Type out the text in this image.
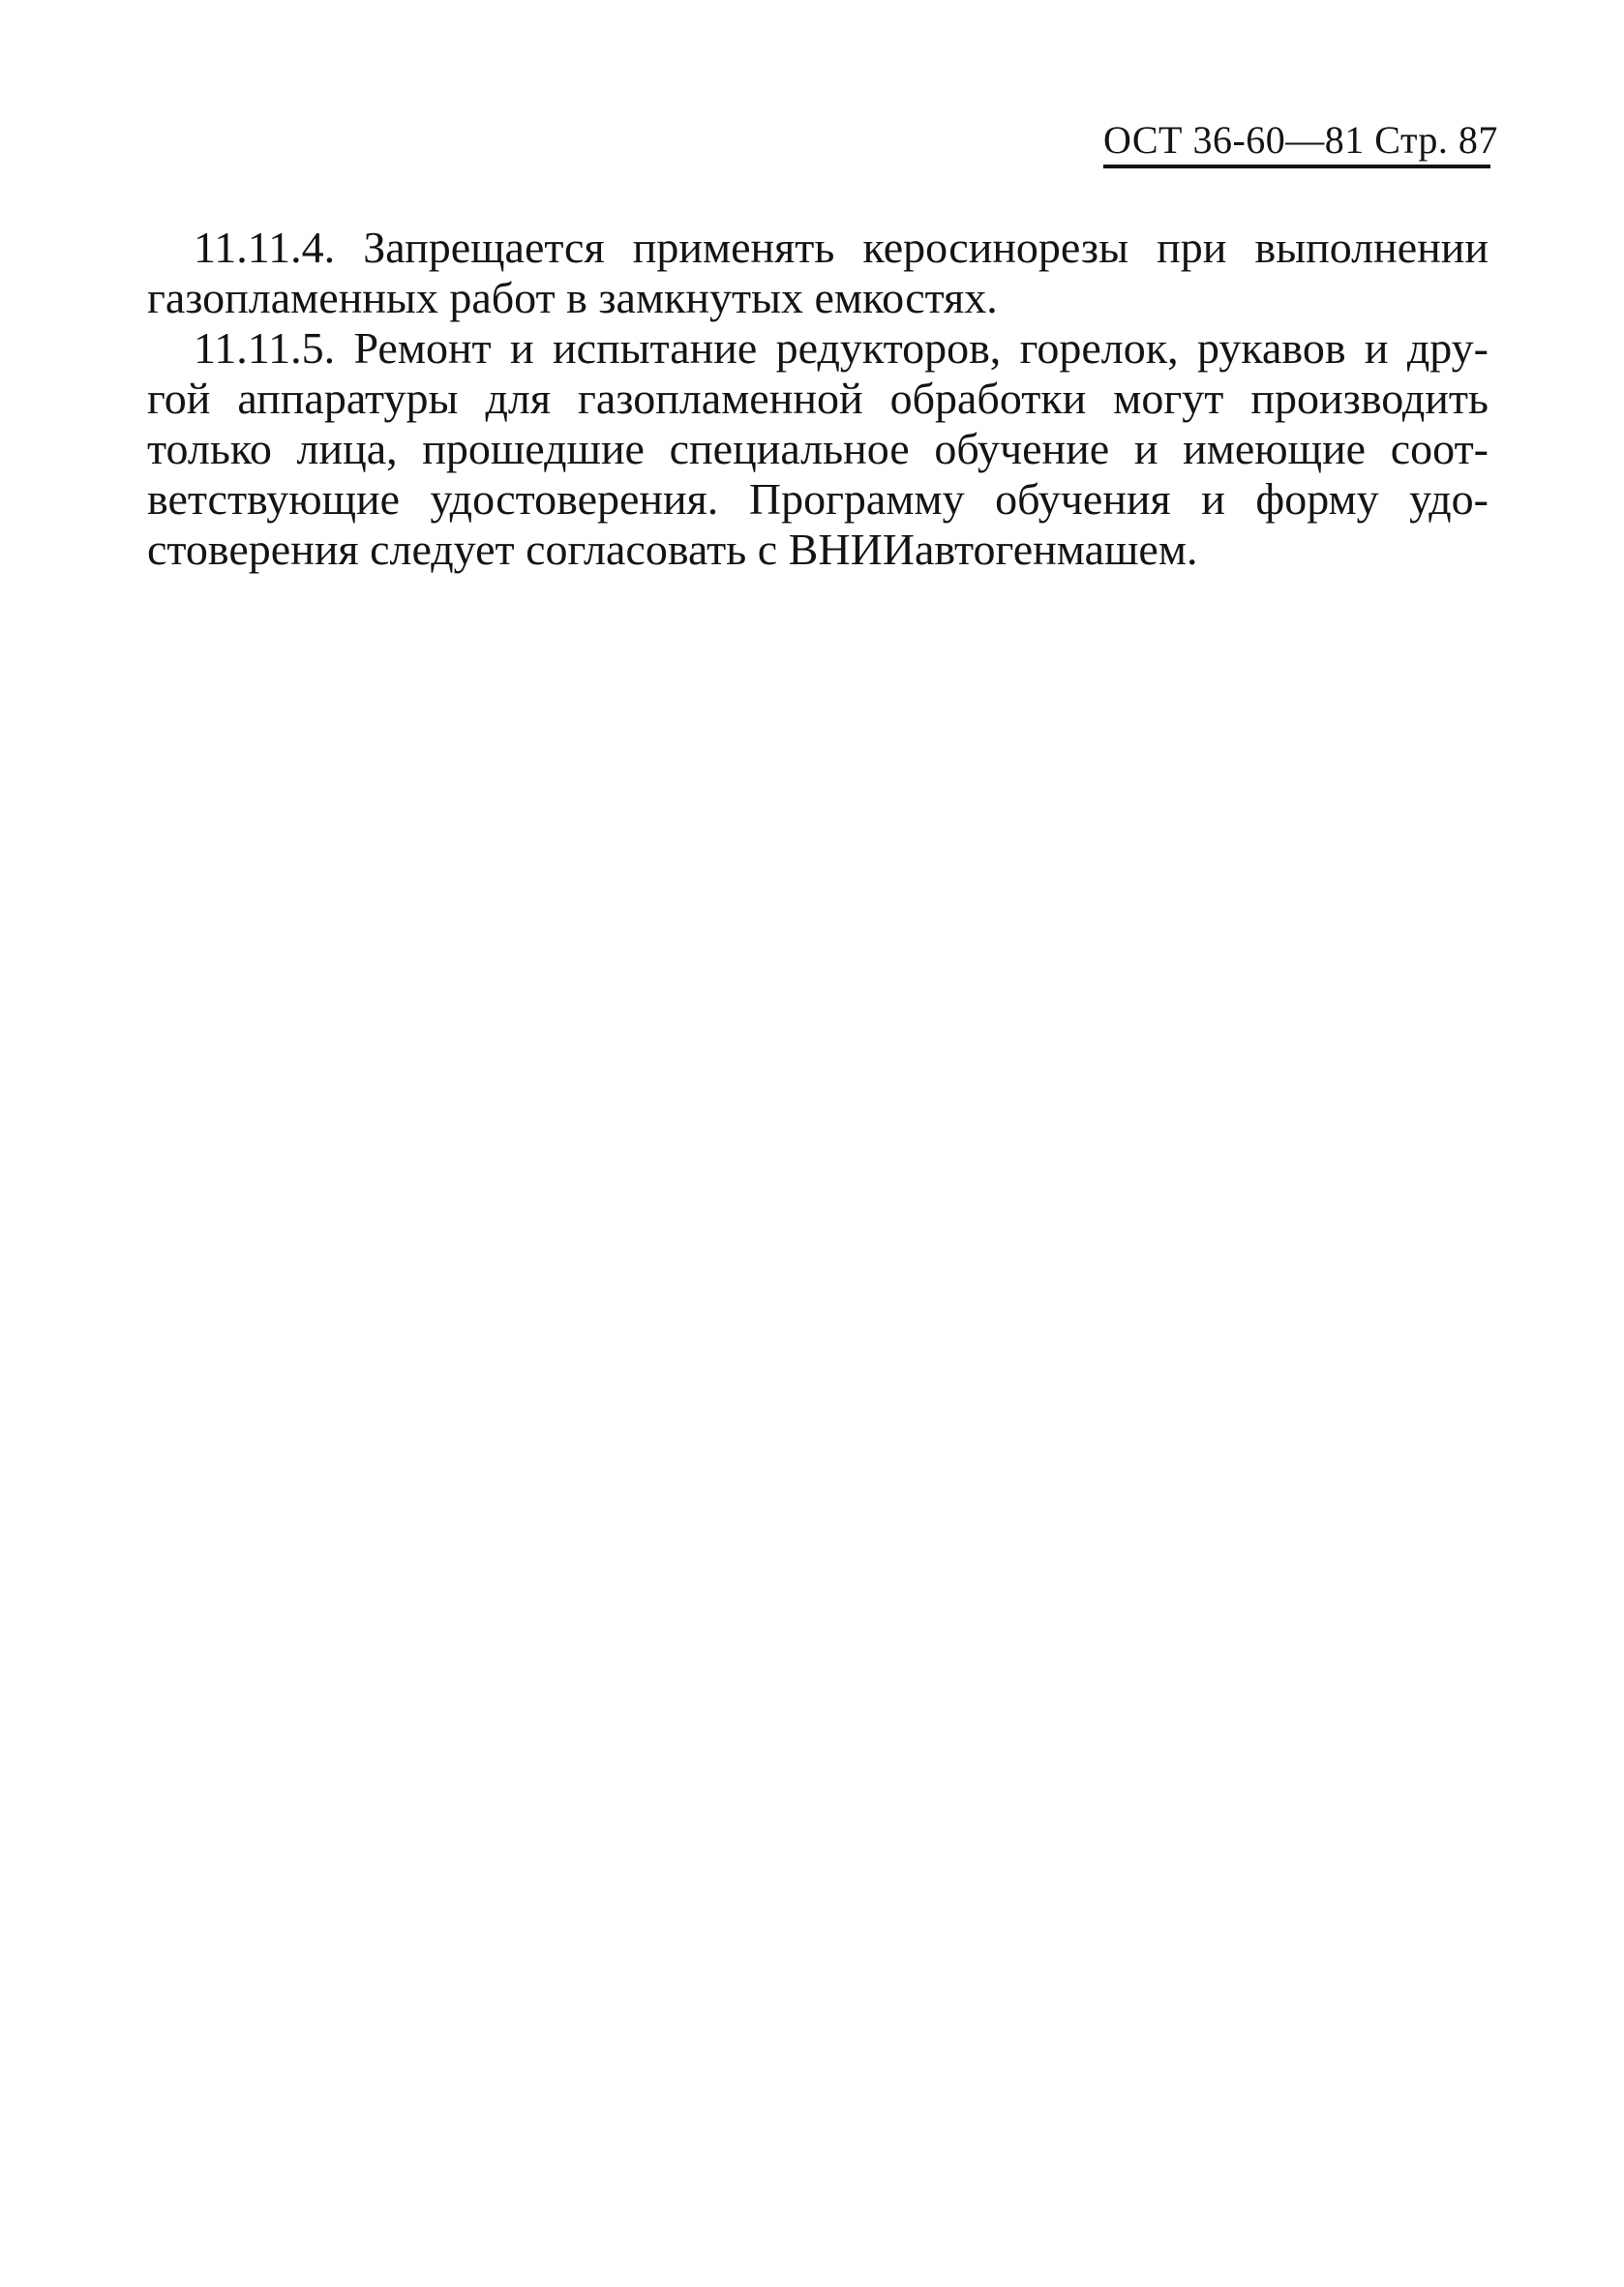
ОСТ 36-60—81 Стр. 87
11.11.4. Запрещается применять керосинорезы при выполнении
газопламенных работ в замкнутых емкостях.
11.11.5. Ремонт и испытание редукторов, горелок, рукавов и дру-
гой аппаратуры для газопламенной обработки могут производить
только лица, прошедшие специальное обучение и имеющие соот-
ветствующие удостоверения. Программу обучения и форму удо-
стоверения следует согласовать с ВНИИавтогенмашем.
